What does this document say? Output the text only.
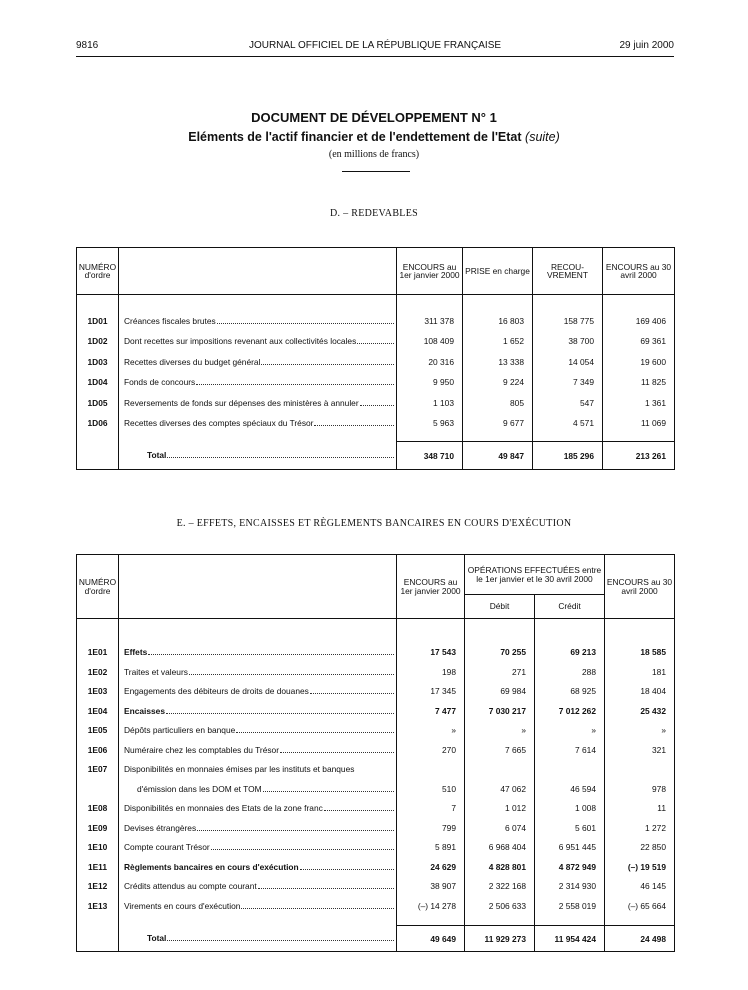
9816	JOURNAL OFFICIEL DE LA RÉPUBLIQUE FRANÇAISE	29 juin 2000
DOCUMENT DE DÉVELOPPEMENT N° 1
Eléments de l'actif financier et de l'endettement de l'Etat (suite)
(en millions de francs)
D. – REDEVABLES
NUMÉRO d'ordre		ENCOURS au 1er janvier 2000	PRISE en charge	RECOU- VREMENT	ENCOURS au 30 avril 2000

1D01	Créances fiscales brutes	311 378	16 803	158 775	169 406
1D02	Dont recettes sur impositions revenant aux collectivités locales	108 409	1 652	38 700	69 361
1D03	Recettes diverses du budget général	20 316	13 338	14 054	19 600
1D04	Fonds de concours	9 950	9 224	7 349	11 825
1D05	Reversements de fonds sur dépenses des ministères à annuler	1 103	805	547	1 361
1D06	Recettes diverses des comptes spéciaux du Trésor	5 963	9 677	4 571	11 069

	Total	348 710	49 847	185 296	213 261
E. – EFFETS, ENCAISSES ET RÈGLEMENTS BANCAIRES EN COURS D'EXÉCUTION
NUMÉRO d'ordre		ENCOURS au 1er janvier 2000	OPÉRATIONS EFFECTUÉES entre le 1er janvier et le 30 avril 2000		ENCOURS au 30 avril 2000
			Débit	Crédit	

1E01	Effets	17 543	70 255	69 213	18 585
1E02	Traites et valeurs	198	271	288	181
1E03	Engagements des débiteurs de droits de douanes	17 345	69 984	68 925	18 404
1E04	Encaisses	7 477	7 030 217	7 012 262	25 432
1E05	Dépôts particuliers en banque	»	»	»	»
1E06	Numéraire chez les comptables du Trésor	270	7 665	7 614	321
1E07	Disponibilités en monnaies émises par les instituts et banques				

	d'émission dans les DOM et TOM	510	47 062	46 594	978
1E08	Disponibilités en monnaies des Etats de la zone franc	7	1 012	1 008	11
1E09	Devises étrangères	799	6 074	5 601	1 272
1E10	Compte courant Trésor	5 891	6 968 404	6 951 445	22 850
1E11	Règlements bancaires en cours d'exécution	24 629	4 828 801	4 872 949	(–) 19 519
1E12	Crédits attendus au compte courant	38 907	2 322 168	2 314 930	46 145
1E13	Virements en cours d'exécution	(–) 14 278	2 506 633	2 558 019	(–) 65 664

	Total	49 649	11 929 273	11 954 424	24 498
